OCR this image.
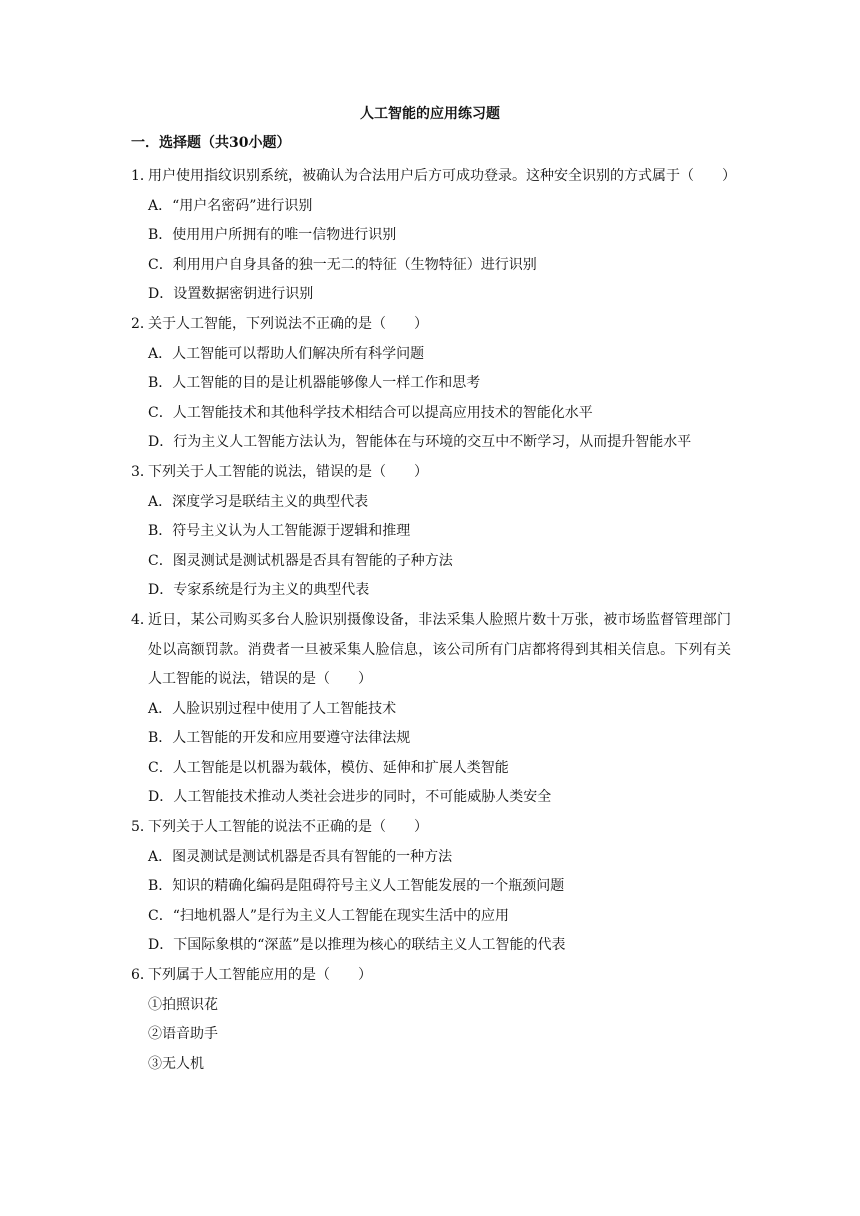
人工智能的应用练习题
一．选择题（共30小题）
1．
用户使用指纹识别系统，被确认为合法用户后方可成功登录。这种安全识别的方式属于（　　）
A．“用户名密码”进行识别
B．使用用户所拥有的唯一信物进行识别
C．利用用户自身具备的独一无二的特征（生物特征）进行识别
D．设置数据密钥进行识别
2．
关于人工智能，下列说法不正确的是（　　）
A．人工智能可以帮助人们解决所有科学问题
B．人工智能的目的是让机器能够像人一样工作和思考
C．人工智能技术和其他科学技术相结合可以提高应用技术的智能化水平
D．行为主义人工智能方法认为，智能体在与环境的交互中不断学习，从而提升智能水平
3．
下列关于人工智能的说法，错误的是（　　）
A．深度学习是联结主义的典型代表
B．符号主义认为人工智能源于逻辑和推理
C．图灵测试是测试机器是否具有智能的子种方法
D．专家系统是行为主义的典型代表
4．
近日，某公司购买多台人脸识别摄像设备，非法采集人脸照片数十万张，被市场监督管理部门处以高额罚款。消费者一旦被采集人脸信息，该公司所有门店都将得到其相关信息。下列有关人工智能的说法，错误的是（　　）
A．人脸识别过程中使用了人工智能技术
B．人工智能的开发和应用要遵守法律法规
C．人工智能是以机器为载体，模仿、延伸和扩展人类智能
D．人工智能技术推动人类社会进步的同时，不可能威胁人类安全
5．
下列关于人工智能的说法不正确的是（　　）
A．图灵测试是测试机器是否具有智能的一种方法
B．知识的精确化编码是阻碍符号主义人工智能发展的一个瓶颈问题
C．“扫地机器人”是行为主义人工智能在现实生活中的应用
D．下国际象棋的“深蓝”是以推理为核心的联结主义人工智能的代表
6．
下列属于人工智能应用的是（　　）
①拍照识花
②语音助手
③无人机
